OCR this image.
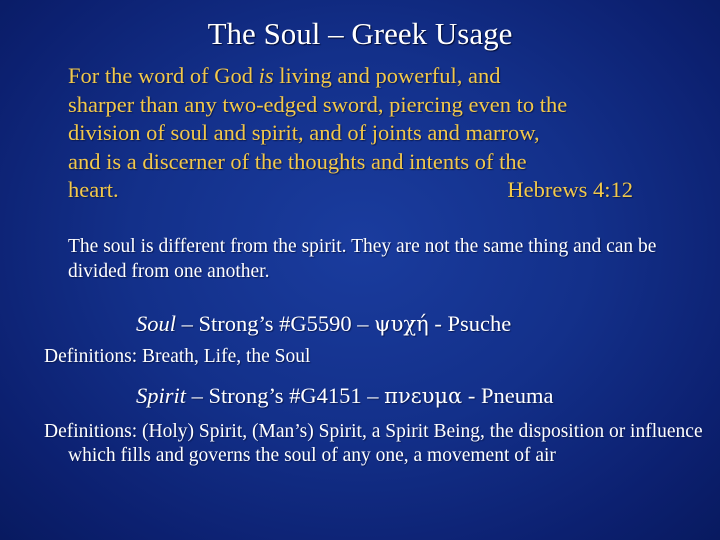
The Soul – Greek Usage
For the word of God is living and powerful, and
sharper than any two-edged sword, piercing even to the
division of soul and spirit, and of joints and marrow,
and is a discerner of the thoughts and intents of the
heart.	Hebrews 4:12
The soul is different from the spirit. They are not the same thing and can be divided from one another.
Soul – Strong’s #G5590 – ψυχή - Psuche
Definitions: Breath, Life, the Soul
Spirit – Strong’s #G4151 – πνευμα - Pneuma
Definitions: (Holy) Spirit, (Man’s) Spirit, a Spirit Being, the disposition or influence which fills and governs the soul of any one, a movement of air
